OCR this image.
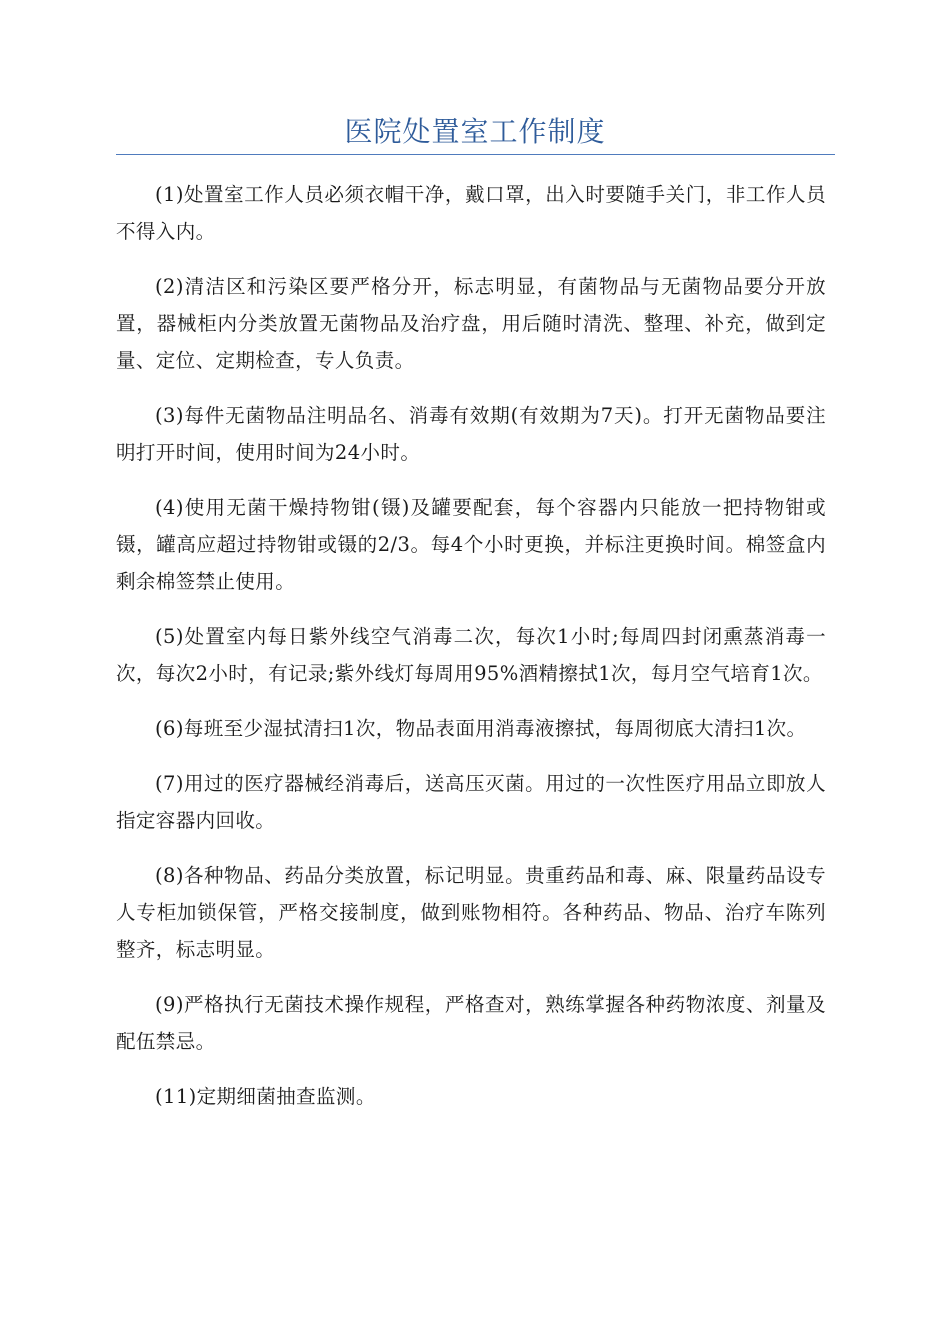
医院处置室工作制度

(1)处置室工作人员必须衣帽干净，戴口罩，出入时要随手关门，非工作人员不得入内。

(2)清洁区和污染区要严格分开，标志明显，有菌物品与无菌物品要分开放置，器械柜内分类放置无菌物品及治疗盘，用后随时清洗、整理、补充，做到定量、定位、定期检查，专人负责。

(3)每件无菌物品注明品名、消毒有效期(有效期为7天)。打开无菌物品要注明打开时间，使用时间为24小时。

(4)使用无菌干燥持物钳(镊)及罐要配套，每个容器内只能放一把持物钳或镊，罐高应超过持物钳或镊的2/3。每4个小时更换，并标注更换时间。棉签盒内剩余棉签禁止使用。

(5)处置室内每日紫外线空气消毒二次，每次1小时;每周四封闭熏蒸消毒一次，每次2小时，有记录;紫外线灯每周用95%酒精擦拭1次，每月空气培育1次。

(6)每班至少湿拭清扫1次，物品表面用消毒液擦拭，每周彻底大清扫1次。

(7)用过的医疗器械经消毒后，送高压灭菌。用过的一次性医疗用品立即放人指定容器内回收。

(8)各种物品、药品分类放置，标记明显。贵重药品和毒、麻、限量药品设专人专柜加锁保管，严格交接制度，做到账物相符。各种药品、物品、治疗车陈列整齐，标志明显。

(9)严格执行无菌技术操作规程，严格查对，熟练掌握各种药物浓度、剂量及配伍禁忌。

(11)定期细菌抽查监测。
